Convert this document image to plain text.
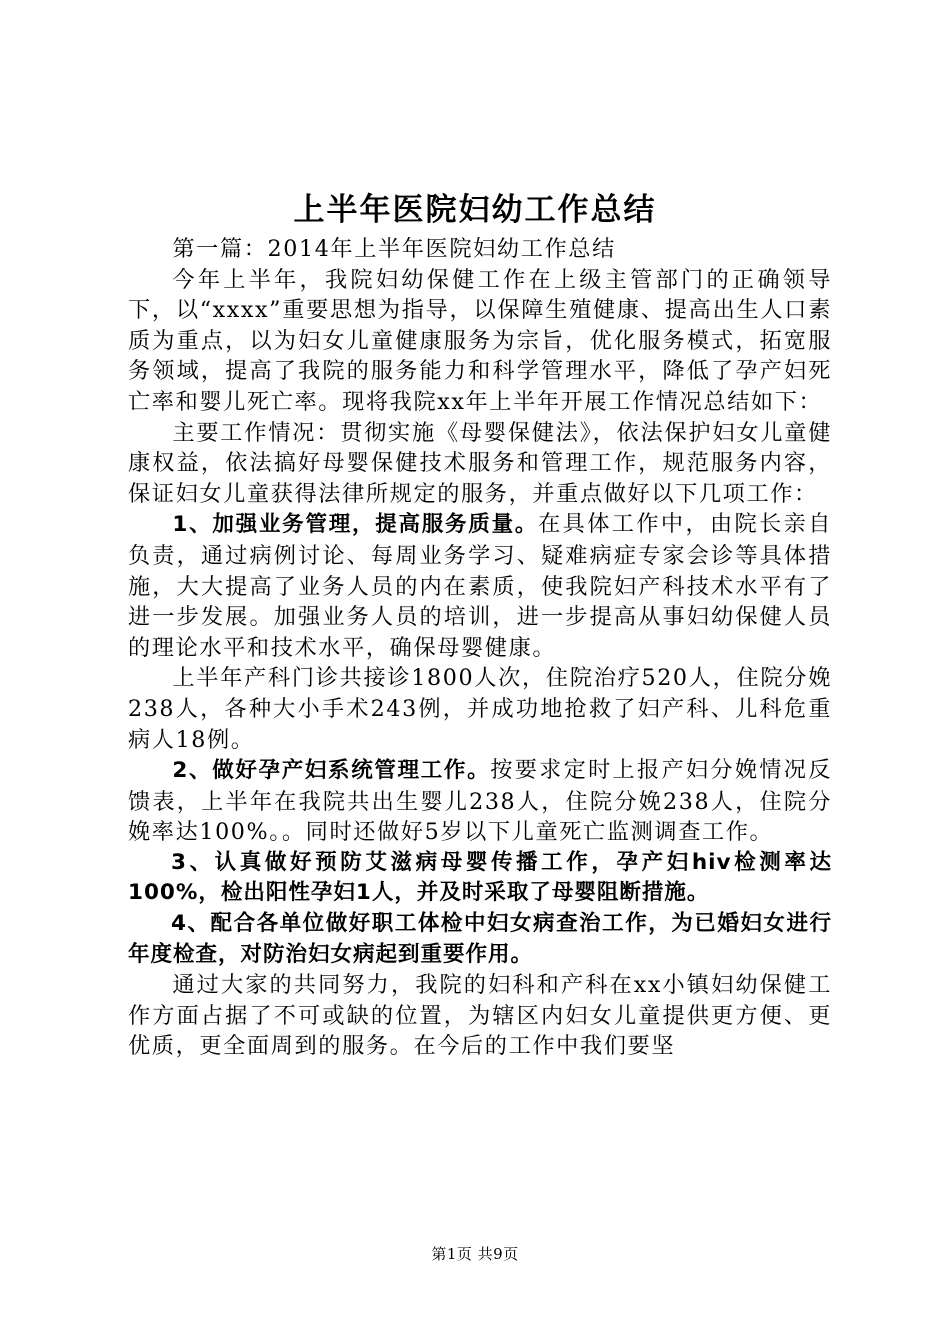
上半年医院妇幼工作总结

第一篇：2014年上半年医院妇幼工作总结

今年上半年，我院妇幼保健工作在上级主管部门的正确领导下，以“xxxx”重要思想为指导，以保障生殖健康、提高出生人口素质为重点，以为妇女儿童健康服务为宗旨，优化服务模式，拓宽服务领域，提高了我院的服务能力和科学管理水平，降低了孕产妇死亡率和婴儿死亡率。现将我院xx年上半年开展工作情况总结如下：

主要工作情况：贯彻实施《母婴保健法》，依法保护妇女儿童健康权益，依法搞好母婴保健技术服务和管理工作，规范服务内容，保证妇女儿童获得法律所规定的服务，并重点做好以下几项工作：

1、加强业务管理，提高服务质量。在具体工作中，由院长亲自负责，通过病例讨论、每周业务学习、疑难病症专家会诊等具体措施，大大提高了业务人员的内在素质，使我院妇产科技术水平有了进一步发展。加强业务人员的培训，进一步提高从事妇幼保健人员的理论水平和技术水平，确保母婴健康。

上半年产科门诊共接诊1800人次，住院治疗520人，住院分娩238人，各种大小手术243例，并成功地抢救了妇产科、儿科危重病人18例。

2、做好孕产妇系统管理工作。按要求定时上报产妇分娩情况反馈表，上半年在我院共出生婴儿238人，住院分娩238人，住院分娩率达100%。。同时还做好5岁以下儿童死亡监测调查工作。

3、认真做好预防艾滋病母婴传播工作，孕产妇hiv检测率达100%，检出阳性孕妇1人，并及时采取了母婴阻断措施。

4、配合各单位做好职工体检中妇女病查治工作，为已婚妇女进行年度检查，对防治妇女病起到重要作用。

通过大家的共同努力，我院的妇科和产科在xx小镇妇幼保健工作方面占据了不可或缺的位置，为辖区内妇女儿童提供更方便、更优质，更全面周到的服务。在今后的工作中我们要坚

第1页 共9页
